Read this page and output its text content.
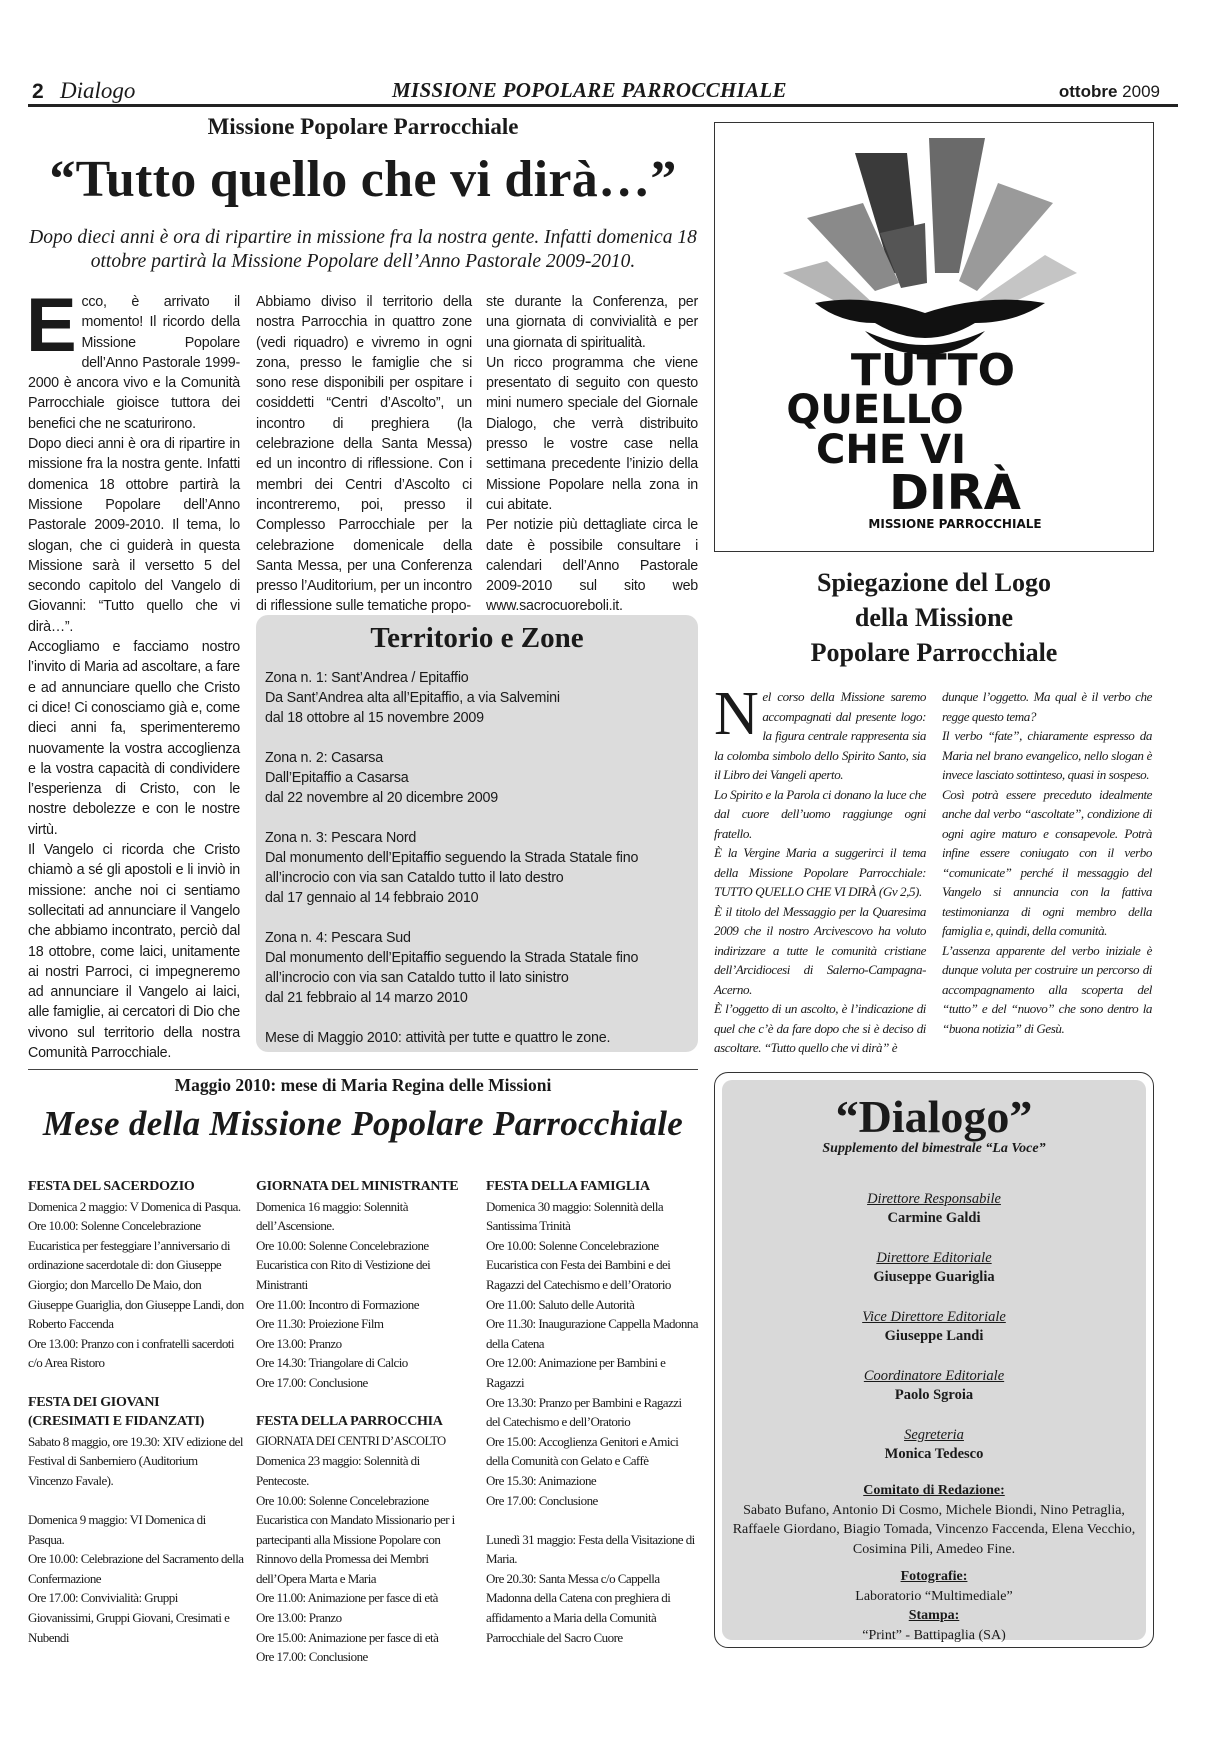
2 Dialogo	MISSIONE POPOLARE PARROCCHIALE	ottobre 2009
Missione Popolare Parrocchiale
“Tutto quello che vi dirà…”
Dopo dieci anni è ora di ripartire in missione fra la nostra gente. Infatti domenica 18 ottobre partirà la Missione Popolare dell’Anno Pastorale 2009-2010.
E cco, è arrivato il momento! Il ricordo della Missione Popolare dell’Anno Pastorale 1999-2000 è ancora vivo e la Comunità Parrocchiale gioisce tuttora dei benefici che ne scaturirono.

Dopo dieci anni è ora di ripartire in missione fra la nostra gente. Infatti domenica 18 ottobre partirà la Missione Popolare dell’Anno Pastorale 2009-2010. Il tema, lo slogan, che ci guiderà in questa Missione sarà il versetto 5 del secondo capitolo del Vangelo di Giovanni: “Tutto quello che vi dirà…”.

Accogliamo e facciamo nostro l’invito di Maria ad ascoltare, a fare e ad annunciare quello che Cristo ci dice! Ci conosciamo già e, come dieci anni fa, sperimenteremo nuovamente la vostra accoglienza e la vostra capacità di condividere l’esperienza di Cristo, con le nostre debolezze e con le nostre virtù.

Il Vangelo ci ricorda che Cristo chiamò a sé gli apostoli e li inviò in missione: anche noi ci sentiamo sollecitati ad annunciare il Vangelo che abbiamo incontrato, perciò dal 18 ottobre, come laici, unitamente ai nostri Parroci, ci impegneremo ad annunciare il Vangelo ai laici, alle famiglie, ai cercatori di Dio che vivono sul territorio della nostra Comunità Parrocchiale.

Abbiamo diviso il territorio della nostra Parrocchia in quattro zone (vedi riquadro) e vivremo in ogni zona, presso le famiglie che si sono rese disponibili per ospitare i cosiddetti “Centri d’Ascolto”, un incontro di preghiera (la celebrazione della Santa Messa) ed un incontro di riflessione. Con i membri dei Centri d’Ascolto ci incontreremo, poi, presso il Complesso Parrocchiale per la celebrazione domenicale della Santa Messa, per una Conferenza presso l’Auditorium, per un incontro di riflessione sulle tematiche propo-

ste durante la Conferenza, per una giornata di convivialità e per una giornata di spiritualità.

Un ricco programma che viene presentato di seguito con questo mini numero speciale del Giornale Dialogo, che verrà distribuito presso le vostre case nella settimana precedente l’inizio della Missione Popolare nella zona in cui abitate.

Per notizie più dettagliate circa le date è possibile consultare i calendari dell’Anno Pastorale 2009-2010 sul sito web www.sacrocuoreboli.it.

Territorio e Zone
Zona n. 1: Sant’Andrea / Epitaffio
Da Sant’Andrea alta all’Epitaffio, a via Salvemini
dal 18 ottobre al 15 novembre 2009
Zona n. 2: Casarsa
Dall’Epitaffio a Casarsa
dal 22 novembre al 20 dicembre 2009
Zona n. 3: Pescara Nord
Dal monumento dell’Epitaffio seguendo la Strada Statale fino all’incrocio con via san Cataldo tutto il lato destro
dal 17 gennaio al 14 febbraio 2010
Zona n. 4: Pescara Sud
Dal monumento dell’Epitaffio seguendo la Strada Statale fino all’incrocio con via san Cataldo tutto il lato sinistro
dal 21 febbraio al 14 marzo 2010
Mese di Maggio 2010: attività per tutte e quattro le zone.
TUTTO
QUELLO
CHE VI
DIRÀ
MISSIONE PARROCCHIALE
Spiegazione del Logo
della Missione
Popolare Parrocchiale
N el corso della Missione saremo accompagnati dal presente logo: la figura centrale rappresenta sia la colomba simbolo dello Spirito Santo, sia il Libro dei Vangeli aperto.
Lo Spirito e la Parola ci donano la luce che dal cuore dell’uomo raggiunge ogni fratello.
È la Vergine Maria a suggerirci il tema della Missione Popolare Parrocchiale: TUTTO QUELLO CHE VI DIRÀ (Gv 2,5).
È il titolo del Messaggio per la Quaresima 2009 che il nostro Arcivescovo ha voluto indirizzare a tutte le comunità cristiane dell’Arcidiocesi di Salerno-Campagna-Acerno.
È l’oggetto di un ascolto, è l’indicazione di quel che c’è da fare dopo che si è deciso di ascoltare. “Tutto quello che vi dirà” è
dunque l’oggetto. Ma qual è il verbo che regge questo tema?
Il verbo “fate”, chiaramente espresso da Maria nel brano evangelico, nello slogan è invece lasciato sottinteso, quasi in sospeso.
Così potrà essere preceduto idealmente anche dal verbo “ascoltate”, condizione di ogni agire maturo e consapevole. Potrà infine essere coniugato con il verbo “comunicate” perché il messaggio del Vangelo si annuncia con la fattiva testimonianza di ogni membro della famiglia e, quindi, della comunità.
L’assenza apparente del verbo iniziale è dunque voluta per costruire un percorso di accompagnamento alla scoperta del “tutto” e del “nuovo” che sono dentro la “buona notizia” di Gesù.
Maggio 2010: mese di Maria Regina delle Missioni
Mese della Missione Popolare Parrocchiale
FESTA DEL SACERDOZIO
Domenica 2 maggio: V Domenica di Pasqua.
Ore 10.00: Solenne Concelebrazione Eucaristica per festeggiare l’anniversario di ordinazione sacerdotale di: don Giuseppe Giorgio; don Marcello De Maio, don Giuseppe Guariglia, don Giuseppe Landi, don Roberto Faccenda
Ore 13.00: Pranzo con i confratelli sacerdoti c/o Area Ristoro
FESTA DEI GIOVANI
(CRESIMATI E FIDANZATI)
Sabato 8 maggio, ore 19.30: XIV edizione del Festival di Sanberniero (Auditorium Vincenzo Favale).
Domenica 9 maggio: VI Domenica di Pasqua.
Ore 10.00: Celebrazione del Sacramento della Confermazione
Ore 17.00: Convivialità: Gruppi Giovanissimi, Gruppi Giovani, Cresimati e Nubendi
GIORNATA DEL MINISTRANTE
Domenica 16 maggio: Solennità dell’Ascensione.
Ore 10.00: Solenne Concelebrazione Eucaristica con Rito di Vestizione dei Ministranti
Ore 11.00: Incontro di Formazione
Ore 11.30: Proiezione Film
Ore 13.00: Pranzo
Ore 14.30: Triangolare di Calcio
Ore 17.00: Conclusione
FESTA DELLA PARROCCHIA
GIORNATA DEI CENTRI D’ASCOLTO
Domenica 23 maggio: Solennità di Pentecoste.
Ore 10.00: Solenne Concelebrazione Eucaristica con Mandato Missionario per i partecipanti alla Missione Popolare con Rinnovo della Promessa dei Membri dell’Opera Marta e Maria
Ore 11.00: Animazione per fasce di età
Ore 13.00: Pranzo
Ore 15.00: Animazione per fasce di età
Ore 17.00: Conclusione
FESTA DELLA FAMIGLIA
Domenica 30 maggio: Solennità della Santissima Trinità
Ore 10.00: Solenne Concelebrazione Eucaristica con Festa dei Bambini e dei Ragazzi del Catechismo e dell’Oratorio
Ore 11.00: Saluto delle Autorità
Ore 11.30: Inaugurazione Cappella Madonna della Catena
Ore 12.00: Animazione per Bambini e Ragazzi
Ore 13.30: Pranzo per Bambini e Ragazzi del Catechismo e dell’Oratorio
Ore 15.00: Accoglienza Genitori e Amici della Comunità con Gelato e Caffè
Ore 15.30: Animazione
Ore 17.00: Conclusione
Lunedì 31 maggio: Festa della Visitazione di Maria.
Ore 20.30: Santa Messa c/o Cappella Madonna della Catena con preghiera di affidamento a Maria della Comunità Parrocchiale del Sacro Cuore
“Dialogo”
Supplemento del bimestrale “La Voce”
Direttore Responsabile
Carmine Galdi
Direttore Editoriale
Giuseppe Guariglia
Vice Direttore Editoriale
Giuseppe Landi
Coordinatore Editoriale
Paolo Sgroia
Segreteria
Monica Tedesco
Comitato di Redazione:
Sabato Bufano, Antonio Di Cosmo, Michele Biondi, Nino Petraglia, Raffaele Giordano, Biagio Tomada, Vincenzo Faccenda, Elena Vecchio, Cosimina Pili, Amedeo Fine.
Fotografie:
Laboratorio “Multimediale”
Stampa:
“Print” - Battipaglia (SA)
